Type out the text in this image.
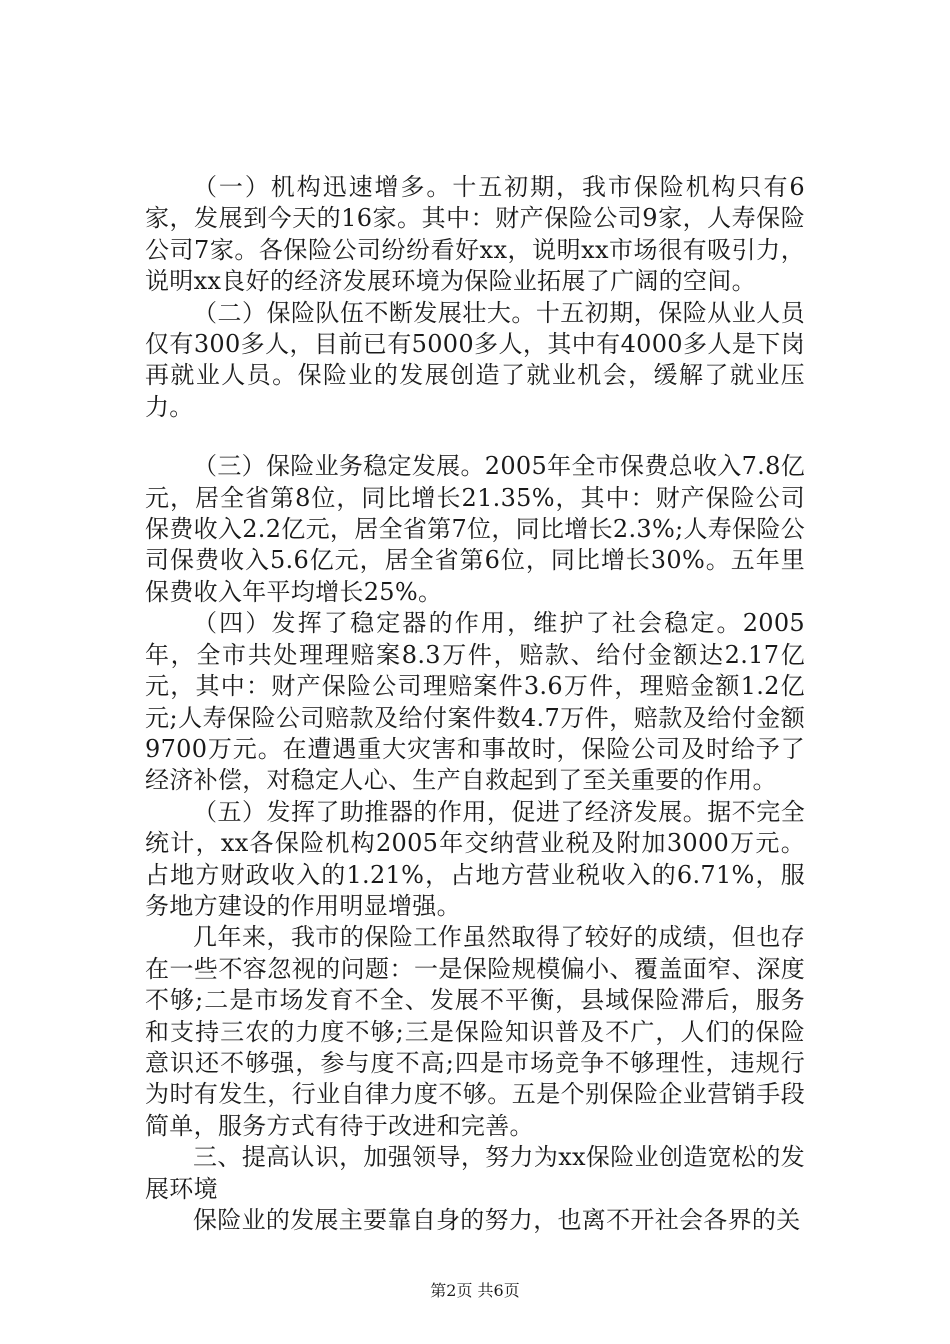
（一）机构迅速增多。十五初期，我市保险机构只有6家，发展到今天的16家。其中：财产保险公司9家，人寿保险公司7家。各保险公司纷纷看好xx，说明xx市场很有吸引力，说明xx良好的经济发展环境为保险业拓展了广阔的空间。

（二）保险队伍不断发展壮大。十五初期，保险从业人员仅有300多人，目前已有5000多人，其中有4000多人是下岗再就业人员。保险业的发展创造了就业机会，缓解了就业压力。

（三）保险业务稳定发展。2005年全市保费总收入7.8亿元，居全省第8位，同比增长21.35%，其中：财产保险公司保费收入2.2亿元，居全省第7位，同比增长2.3%;人寿保险公司保费收入5.6亿元，居全省第6位，同比增长30%。五年里保费收入年平均增长25%。

（四）发挥了稳定器的作用，维护了社会稳定。2005年，全市共处理理赔案8.3万件，赔款、给付金额达2.17亿元，其中：财产保险公司理赔案件3.6万件，理赔金额1.2亿元;人寿保险公司赔款及给付案件数4.7万件，赔款及给付金额9700万元。在遭遇重大灾害和事故时，保险公司及时给予了经济补偿，对稳定人心、生产自救起到了至关重要的作用。

（五）发挥了助推器的作用，促进了经济发展。据不完全统计，xx各保险机构2005年交纳营业税及附加3000万元。占地方财政收入的1.21%，占地方营业税收入的6.71%，服务地方建设的作用明显增强。

几年来，我市的保险工作虽然取得了较好的成绩，但也存在一些不容忽视的问题：一是保险规模偏小、覆盖面窄、深度不够;二是市场发育不全、发展不平衡，县域保险滞后，服务和支持三农的力度不够;三是保险知识普及不广，人们的保险意识还不够强，参与度不高;四是市场竞争不够理性，违规行为时有发生，行业自律力度不够。五是个别保险企业营销手段简单，服务方式有待于改进和完善。

三、提高认识，加强领导，努力为xx保险业创造宽松的发展环境

保险业的发展主要靠自身的努力，也离不开社会各界的关

第2页 共6页
